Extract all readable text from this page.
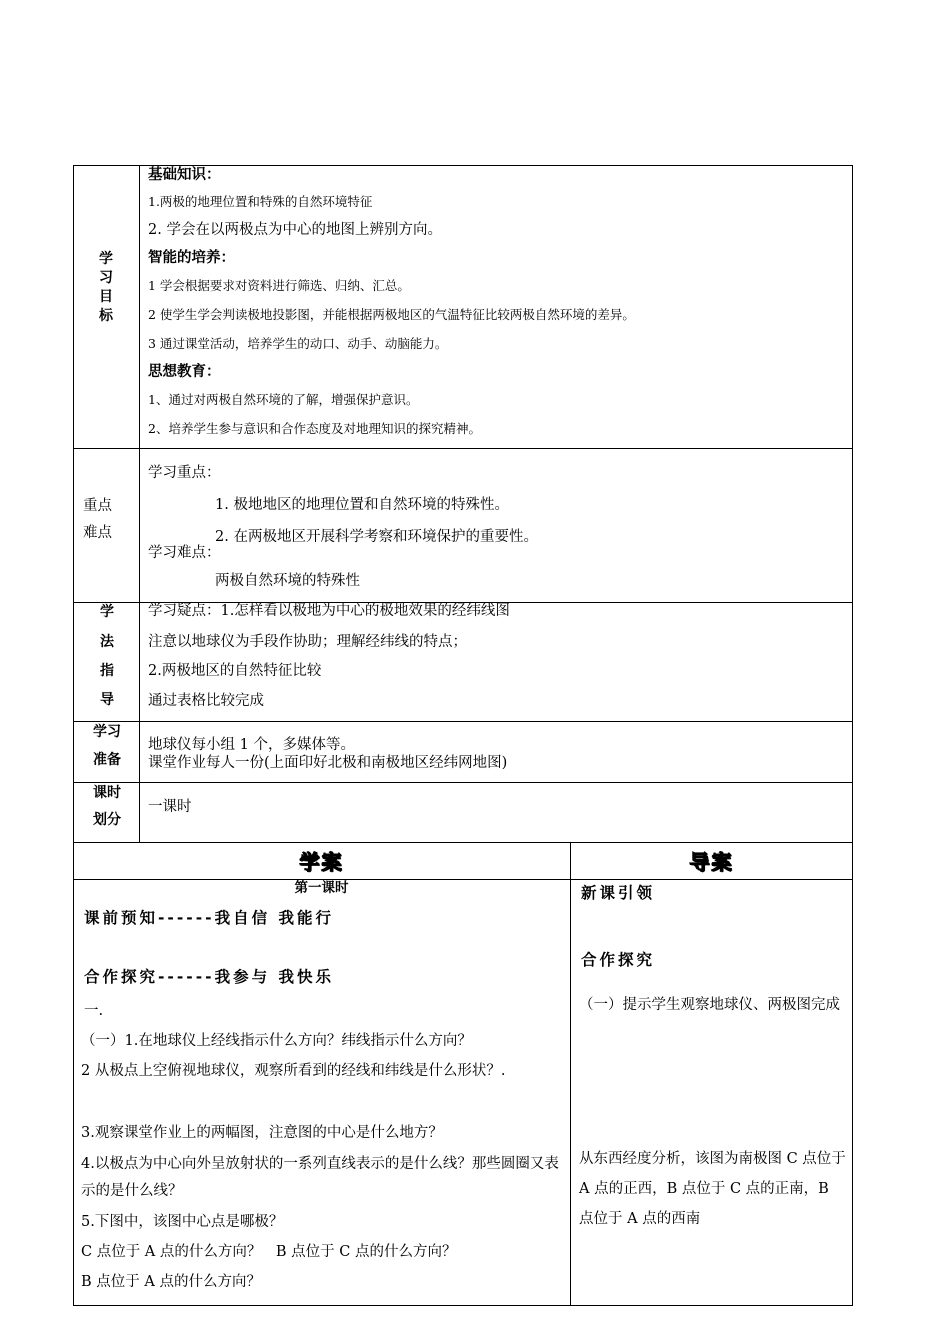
学习目标
基础知识：
1.两极的地理位置和特殊的自然环境特征
2. 学会在以两极点为中心的地图上辨别方向。
智能的培养：
1 学会根据要求对资料进行筛选、归纳、汇总。
2 使学生学会判读极地投影图，并能根据两极地区的气温特征比较两极自然环境的差异。
3 通过课堂活动，培养学生的动口、动手、动脑能力。
思想教育：
1、通过对两极自然环境的了解，增强保护意识。
2、培养学生参与意识和合作态度及对地理知识的探究精神。
重点
难点
学习重点：
1. 极地地区的地理位置和自然环境的特殊性。
2. 在两极地区开展科学考察和环境保护的重要性。
学习难点：
两极自然环境的特殊性
学
法
指
导
学习疑点：1.怎样看以极地为中心的极地效果的经纬线图
注意以地球仪为手段作协助；理解经纬线的特点；
2.两极地区的自然特征比较
通过表格比较完成
学习
准备
地球仪每小组 1 个，多媒体等。
课堂作业每人一份(上面印好北极和南极地区经纬网地图)
课时
划分
一课时
学案	导案
第一课时
课前预知------我自信 我能行
合作探究------我参与 我快乐
一.
（一）1.在地球仪上经线指示什么方向？纬线指示什么方向？
2 从极点上空俯视地球仪，观察所看到的经线和纬线是什么形状？.
3.观察课堂作业上的两幅图，注意图的中心是什么地方？
4.以极点为中心向外呈放射状的一系列直线表示的是什么线？那些圆圈又表示的是什么线？
5.下图中，该图中心点是哪极？
C 点位于 A 点的什么方向？　B 点位于 C 点的什么方向？
B 点位于 A 点的什么方向？
新课引领
合作探究
（一）提示学生观察地球仪、两极图完成
从东西经度分析，该图为南极图 C 点位于 A 点的正西，B 点位于 C 点的正南，B 点位于 A 点的西南
